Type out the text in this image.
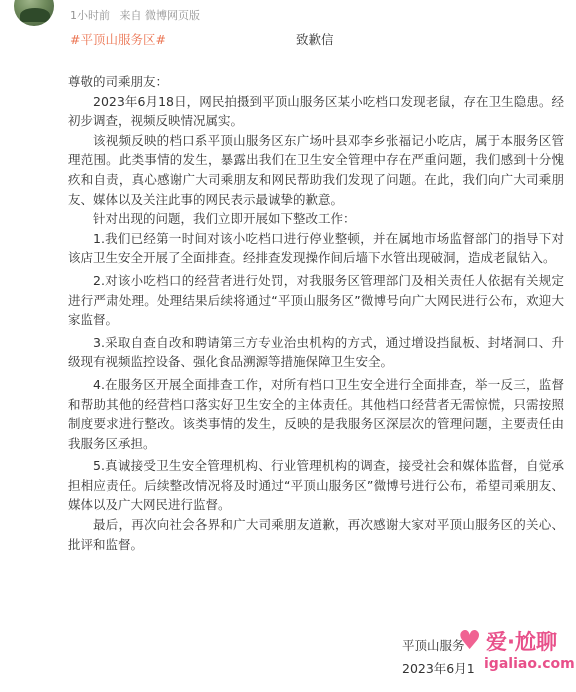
1小时前 来自 微博网页版
#平顶山服务区#	致歉信

尊敬的司乘朋友：

2023年6月18日，网民拍摄到平顶山服务区某小吃档口发现老鼠，存在卫生隐患。经初步调查，视频反映情况属实。

该视频反映的档口系平顶山服务区东广场叶县邓李乡张福记小吃店，属于本服务区管理范围。此类事情的发生，暴露出我们在卫生安全管理中存在严重问题，我们感到十分愧疚和自责，真心感谢广大司乘朋友和网民帮助我们发现了问题。在此，我们向广大司乘朋友、媒体以及关注此事的网民表示最诚挚的歉意。

针对出现的问题，我们立即开展如下整改工作：

1.我们已经第一时间对该小吃档口进行停业整顿，并在属地市场监督部门的指导下对该店卫生安全开展了全面排查。经排查发现操作间后墙下水管出现破洞，造成老鼠钻入。

2.对该小吃档口的经营者进行处罚，对我服务区管理部门及相关责任人依据有关规定进行严肃处理。处理结果后续将通过“平顶山服务区”微博号向广大网民进行公布，欢迎大家监督。

3.采取自查自改和聘请第三方专业治虫机构的方式，通过增设挡鼠板、封堵洞口、升级现有视频监控设备、强化食品溯源等措施保障卫生安全。

4.在服务区开展全面排查工作，对所有档口卫生安全进行全面排查，举一反三，监督和帮助其他的经营档口落实好卫生安全的主体责任。其他档口经营者无需惊慌，只需按照制度要求进行整改。该类事情的发生，反映的是我服务区深层次的管理问题，主要责任由我服务区承担。

5.真诚接受卫生安全管理机构、行业管理机构的调查，接受社会和媒体监督，自觉承担相应责任。后续整改情况将及时通过“平顶山服务区”微博号进行公布，希望司乘朋友、媒体以及广大网民进行监督。

最后，再次向社会各界和广大司乘朋友道歉，再次感谢大家对平顶山服务区的关心、批评和监督。

平顶山服务
2023年6月1
♥ 爱·尬聊
igaliao.com
